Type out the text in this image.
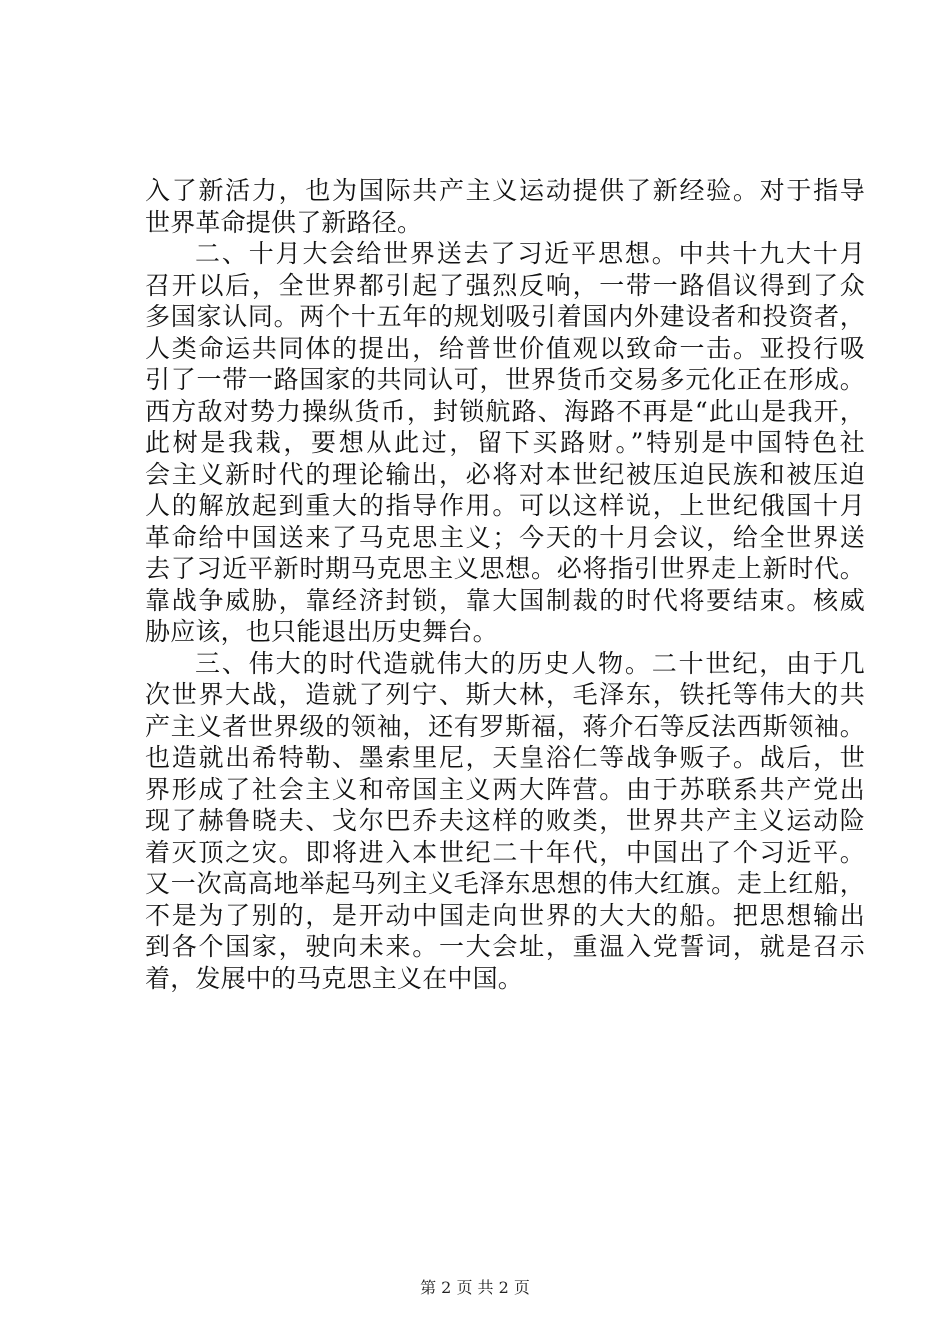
入了新活力，也为国际共产主义运动提供了新经验。对于指导
世界革命提供了新路径。
二、十月大会给世界送去了习近平思想。中共十九大十月
召开以后，全世界都引起了强烈反响，一带一路倡议得到了众
多国家认同。两个十五年的规划吸引着国内外建设者和投资者，
人类命运共同体的提出，给普世价值观以致命一击。亚投行吸
引了一带一路国家的共同认可，世界货币交易多元化正在形成。
西方敌对势力操纵货币，封锁航路、海路不再是“此山是我开，
此树是我栽，要想从此过，留下买路财。”特别是中国特色社
会主义新时代的理论输出，必将对本世纪被压迫民族和被压迫
人的解放起到重大的指导作用。可以这样说，上世纪俄国十月
革命给中国送来了马克思主义；今天的十月会议，给全世界送
去了习近平新时期马克思主义思想。必将指引世界走上新时代。
靠战争威胁，靠经济封锁，靠大国制裁的时代将要结束。核威
胁应该，也只能退出历史舞台。
三、伟大的时代造就伟大的历史人物。二十世纪，由于几
次世界大战，造就了列宁、斯大林，毛泽东，铁托等伟大的共
产主义者世界级的领袖，还有罗斯福，蒋介石等反法西斯领袖。
也造就出希特勒、墨索里尼，天皇浴仁等战争贩子。战后，世
界形成了社会主义和帝国主义两大阵营。由于苏联系共产党出
现了赫鲁晓夫、戈尔巴乔夫这样的败类，世界共产主义运动险
着灭顶之灾。即将进入本世纪二十年代，中国出了个习近平。
又一次高高地举起马列主义毛泽东思想的伟大红旗。走上红船，
不是为了别的，是开动中国走向世界的大大的船。把思想输出
到各个国家，驶向未来。一大会址，重温入党誓词，就是召示
着，发展中的马克思主义在中国。
第 2 页 共 2 页
